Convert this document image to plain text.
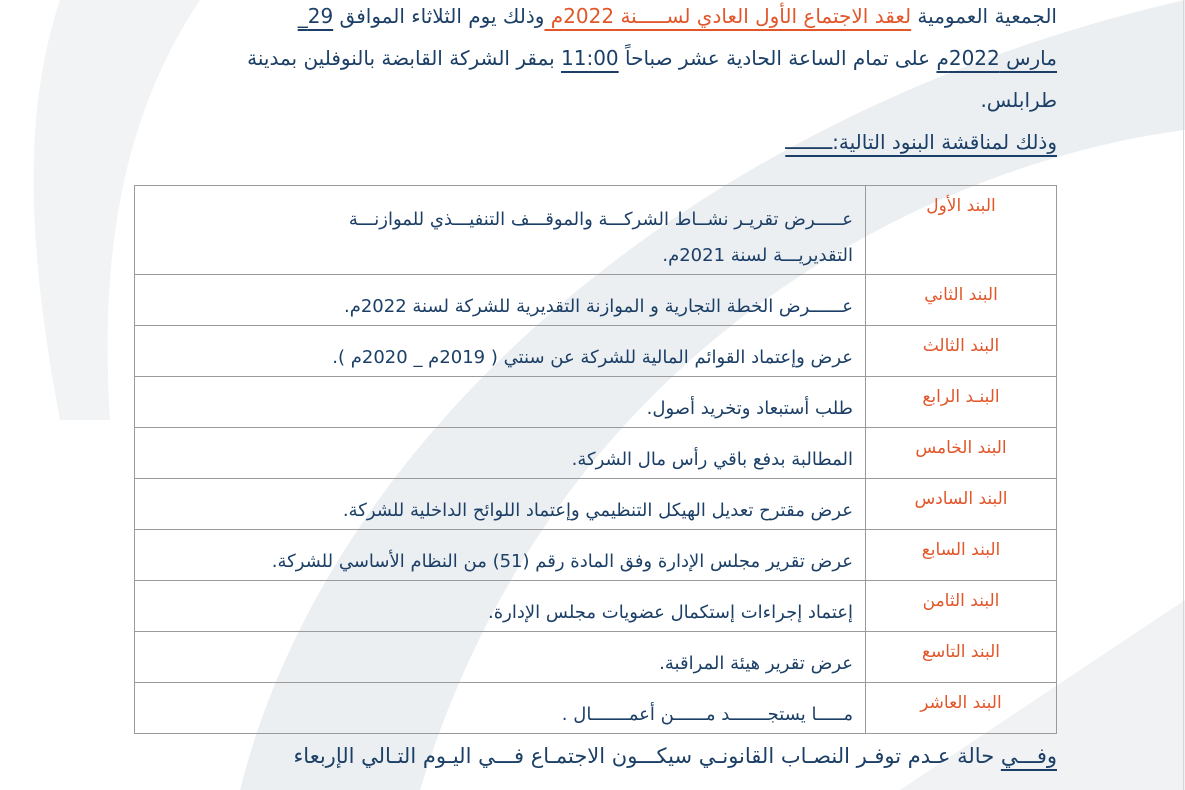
الجمعية العمومية لعقد الاجتماع الأول العادي لســـــنة 2022م وذلك يوم الثلاثاء الموافق 29_
مارس 2022م على تمام الساعة الحادية عشر صباحاً 11:00 بمقر الشركة القابضة بالنوفلين بمدينة
طرابلس.
وذلك لمناقشة البنود التالية:ــــــــ
البند الأول	عـــــرض تقريـر نشــاط الشركـــة والموقـــف التنفيـــذي للموازنـــة
التقديريـــة لسنة 2021م.

البند الثاني	عــــــرض الخطة التجارية و الموازنة التقديرية للشركة لسنة 2022م.

البند الثالث	عرض وإعتماد القوائم المالية للشركة عن سنتي ( 2019م _ 2020م ).

البنـد الرابع	طلب أستبعاد وتخريد أصول.

البند الخامس	المطالبة بدفع باقي رأس مال الشركة.

البند السادس	عرض مقترح تعديل الهيكل التنظيمي وإعتماد اللوائح الداخلية للشركة.

البند السابع	عرض تقرير مجلس الإدارة وفق المادة رقم (51) من النظام الأساسي للشركة.

البند الثامن	إعتماد إجراءات إستكمال عضويات مجلس الإدارة.

البند التاسع	عرض تقرير هيئة المراقبة.

البند العاشر	مـــــا يستجـــــــد مــــــن أعمـــــــال .
وفـــي حالة عـدم توفـر النصـاب القانونـي سيكـــون الاجتمـاع فـــي اليـوم التـالي الإربعاء
